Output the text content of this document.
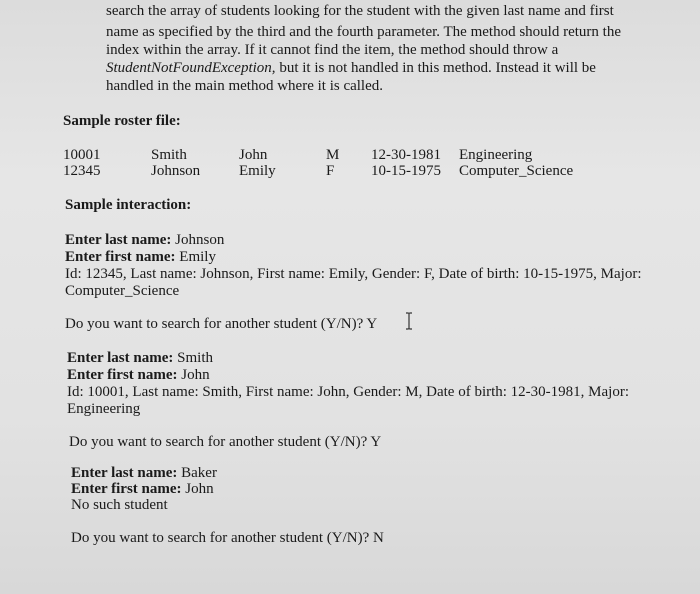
search the array of students looking for the student with the given last name and first
name as specified by the third and the fourth parameter. The method should return the
index within the array. If it cannot find the item, the method should throw a
StudentNotFoundException, but it is not handled in this method. Instead it will be
handled in the main method where it is called.
Sample roster file:
10001	Smith	John	M 12-30-1981 Engineering
12345	Johnson	Emily	F 10-15-1975 Computer_Science
Sample interaction:
Enter last name: Johnson
Enter first name: Emily
Id: 12345, Last name: Johnson, First name: Emily, Gender: F, Date of birth: 10-15-1975, Major:
Computer_Science
Do you want to search for another student (Y/N)? Y
Enter last name: Smith
Enter first name: John
Id: 10001, Last name: Smith, First name: John, Gender: M, Date of birth: 12-30-1981, Major:
Engineering
Do you want to search for another student (Y/N)? Y
Enter last name: Baker
Enter first name: John
No such student
Do you want to search for another student (Y/N)? N
